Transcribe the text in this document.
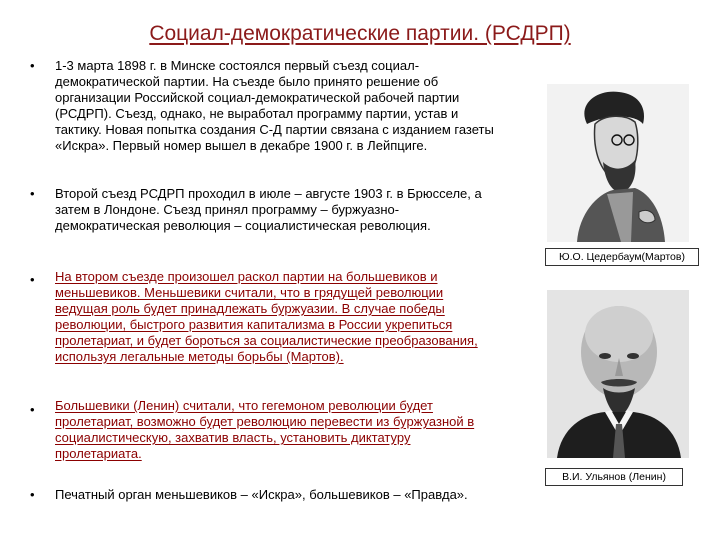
Социал-демократические партии. (РСДРП)
• 1-3 марта 1898 г. в Минске состоялся первый съезд социал-демократической партии. На съезде было принято решение об организации Российской социал-демократической рабочей партии (РСДРП). Съезд, однако, не выработал программу партии, устав и тактику. Новая попытка создания С-Д партии связана с изданием газеты «Искра». Первый номер вышел в декабре 1900 г. в Лейпциге.

• Второй съезд РСДРП проходил в июле – августе 1903 г. в Брюсселе, а затем в Лондоне. Съезд принял программу – буржуазно-демократическая революция – социалистическая революция.

• На втором съезде произошел раскол партии на большевиков и меньшевиков. Меньшевики считали, что в грядущей революции ведущая роль будет принадлежать буржуазии. В случае победы революции, быстрого развития капитализма в России укрепиться пролетариат, и будет бороться за социалистические преобразования, используя легальные методы борьбы (Мартов).

• Большевики (Ленин) считали, что гегемоном революции будет пролетариат, возможно будет революцию перевести из буржуазной в социалистическую, захватив власть, установить диктатуру пролетариата.

• Печатный орган меньшевиков – «Искра», большевиков – «Правда».

Ю.О. Цедербаум(Мартов)
В.И. Ульянов (Ленин)
